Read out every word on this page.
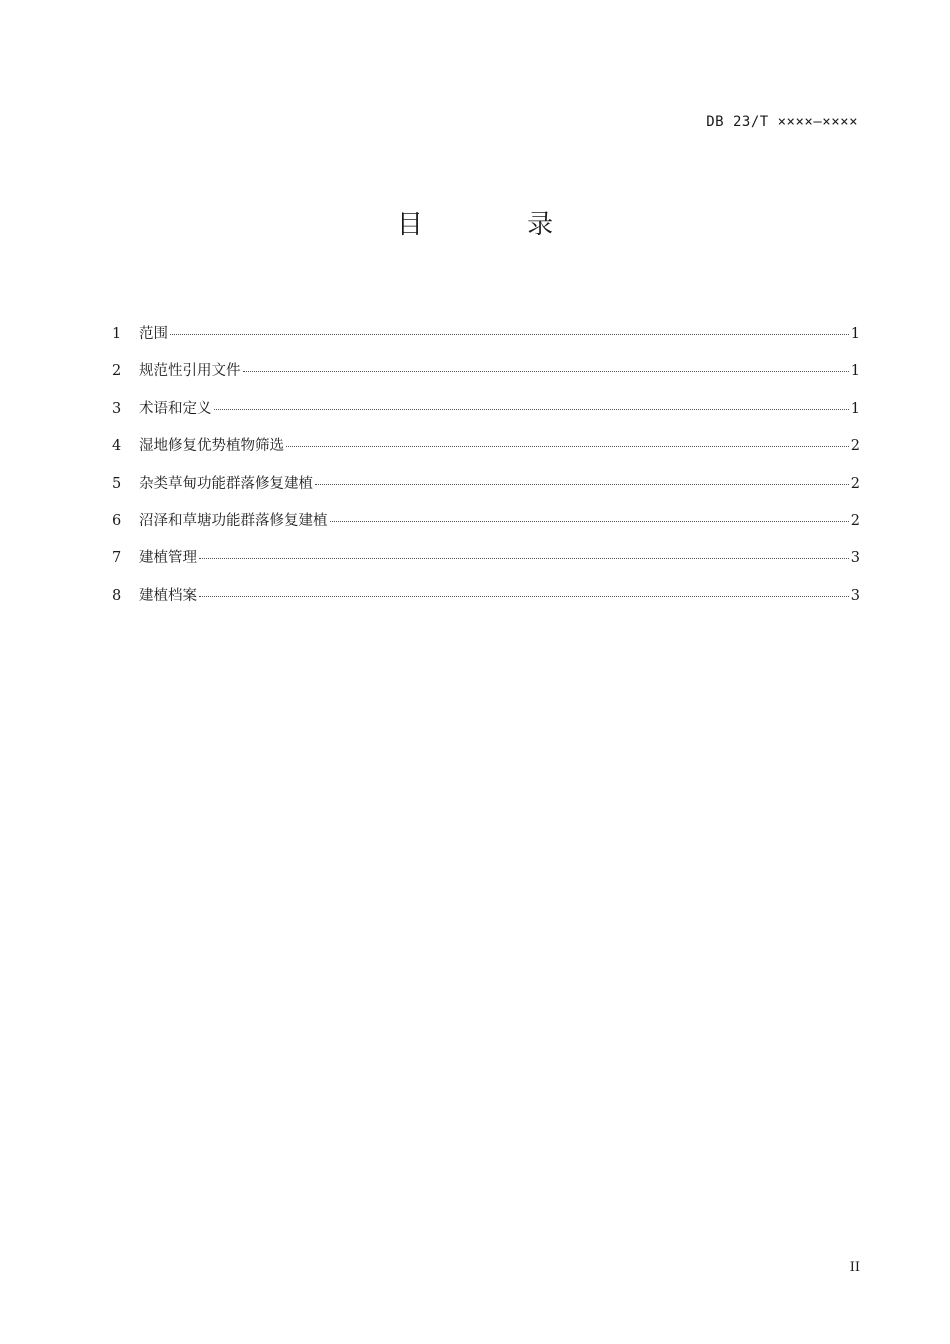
DB 23/T ××××—××××
目 录
1	范围	1
2	规范性引用文件	1
3	术语和定义	1
4	湿地修复优势植物筛选	2
5	杂类草甸功能群落修复建植	2
6	沼泽和草塘功能群落修复建植	2
7	建植管理	3
8	建植档案	3
II
